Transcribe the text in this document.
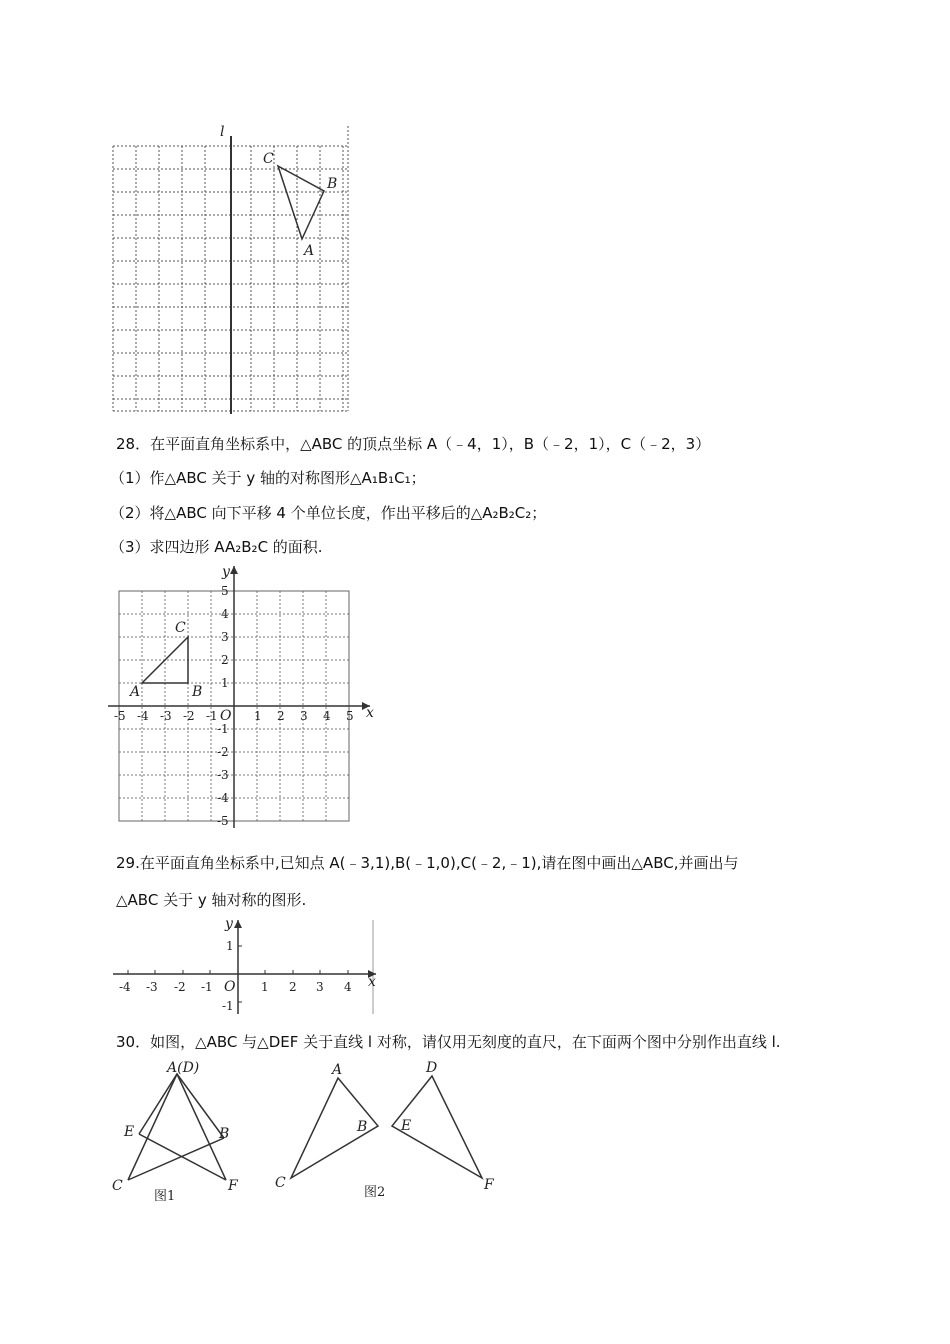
l
C
B
A
28．在平面直角坐标系中，△ABC 的顶点坐标 A（﹣4，1），B（﹣2，1），C（﹣2，3）
（1）作△ABC 关于 y 轴的对称图形△A₁B₁C₁；
（2）将△ABC 向下平移 4 个单位长度，作出平移后的△A₂B₂C₂；
（3）求四边形 AA₂B₂C 的面积.
x
y
O
-5 -4 -3 -2 -1	1 2 3 4 5
5
4
3
2
1
-1
-2
-3
-4
-5
A	B
C
29.在平面直角坐标系中,已知点 A(﹣3,1),B(﹣1,0),C(﹣2,﹣1),请在图中画出△ABC,并画出与
△ABC 关于 y 轴对称的图形.
x
y
O
-4 -3 -2 -1	1 2 3 4
1
-1
30．如图，△ABC 与△DEF 关于直线 l 对称，请仅用无刻度的直尺，在下面两个图中分别作出直线 l.
A(D)
E	B
C	F
图1
A
B
C
D
E
F
图2
